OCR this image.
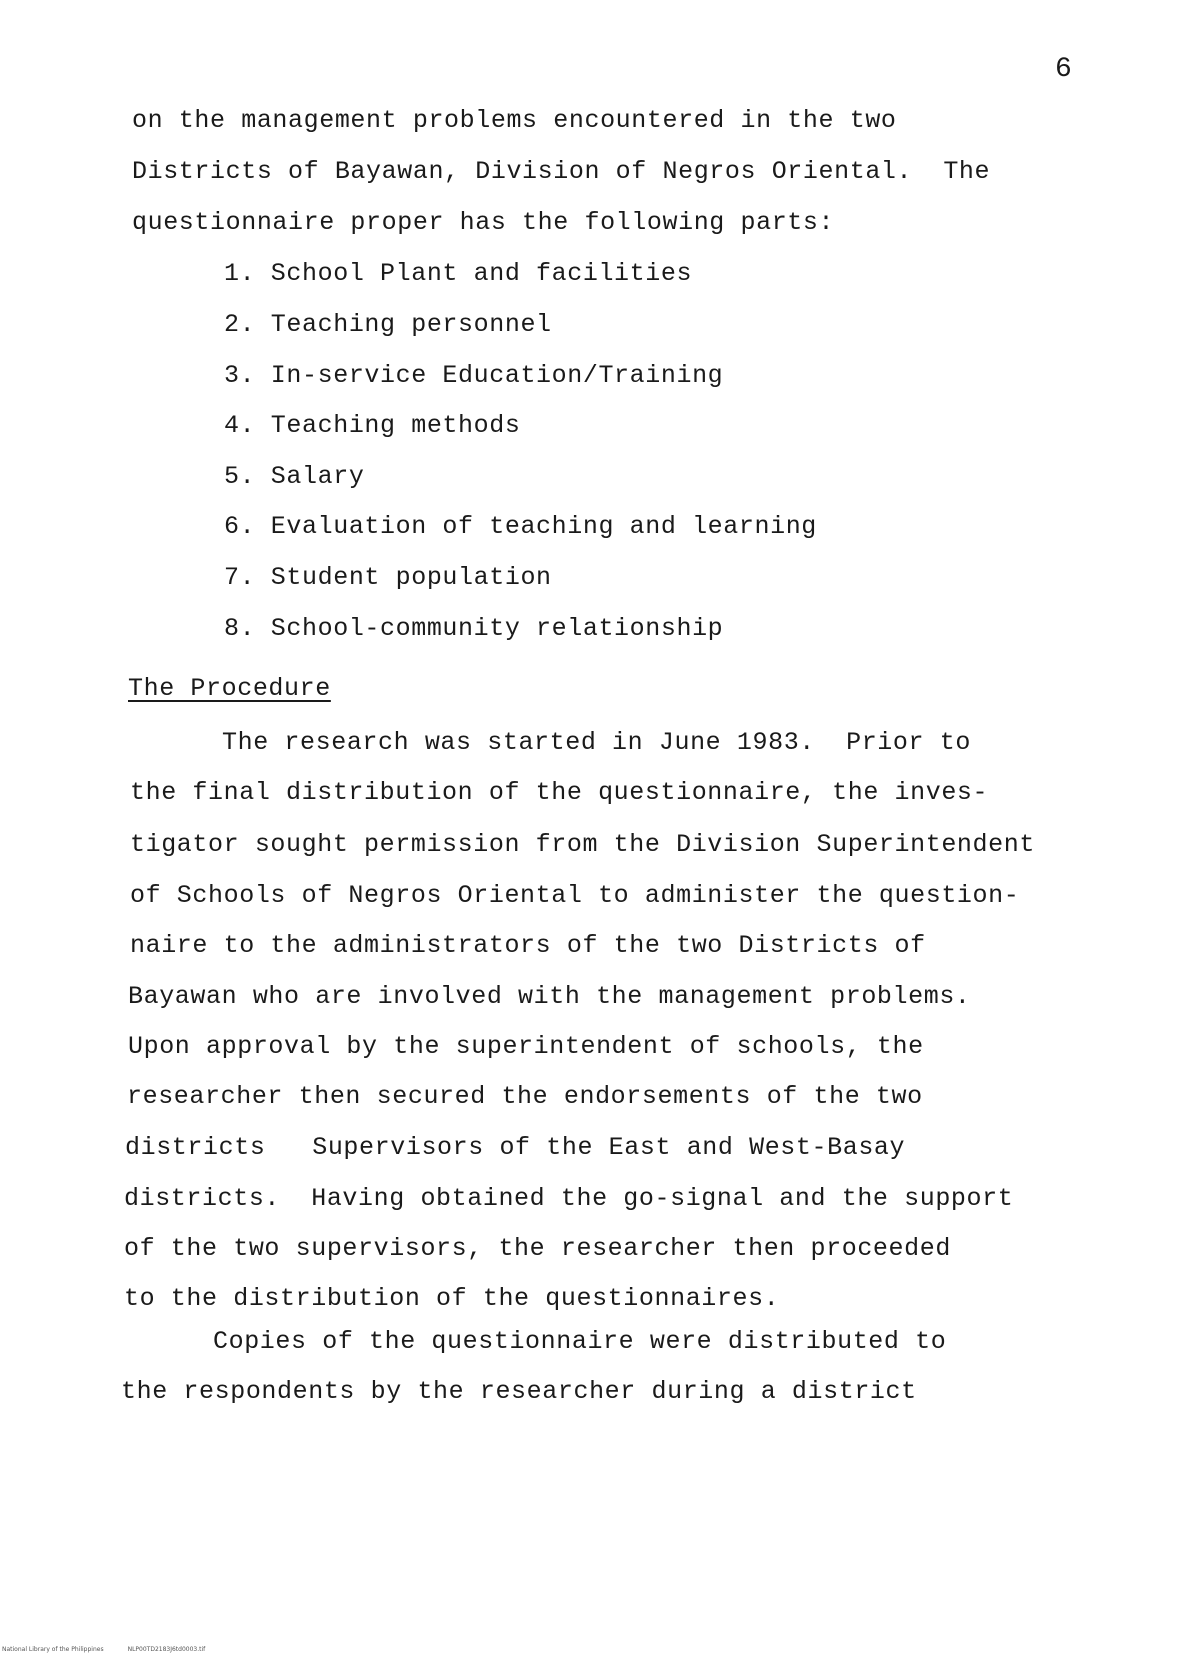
6
on the management problems encountered in the two
Districts of Bayawan, Division of Negros Oriental.  The
questionnaire proper has the following parts:
1. School Plant and facilities
2. Teaching personnel
3. In-service Education/Training
4. Teaching methods
5. Salary
6. Evaluation of teaching and learning
7. Student population
8. School-community relationship
The Procedure
The research was started in June 1983.  Prior to
the final distribution of the questionnaire, the inves-
tigator sought permission from the Division Superintendent
of Schools of Negros Oriental to administer the question-
naire to the administrators of the two Districts of
Bayawan who are involved with the management problems.
Upon approval by the superintendent of schools, the
researcher then secured the endorsements of the two
districts   Supervisors of the East and West-Basay
districts.  Having obtained the go-signal and the support
of the two supervisors, the researcher then proceeded
to the distribution of the questionnaires.
Copies of the questionnaire were distributed to
the respondents by the researcher during a district
National Library of the Philippines	NLP00TD2183J6td0003.tif
